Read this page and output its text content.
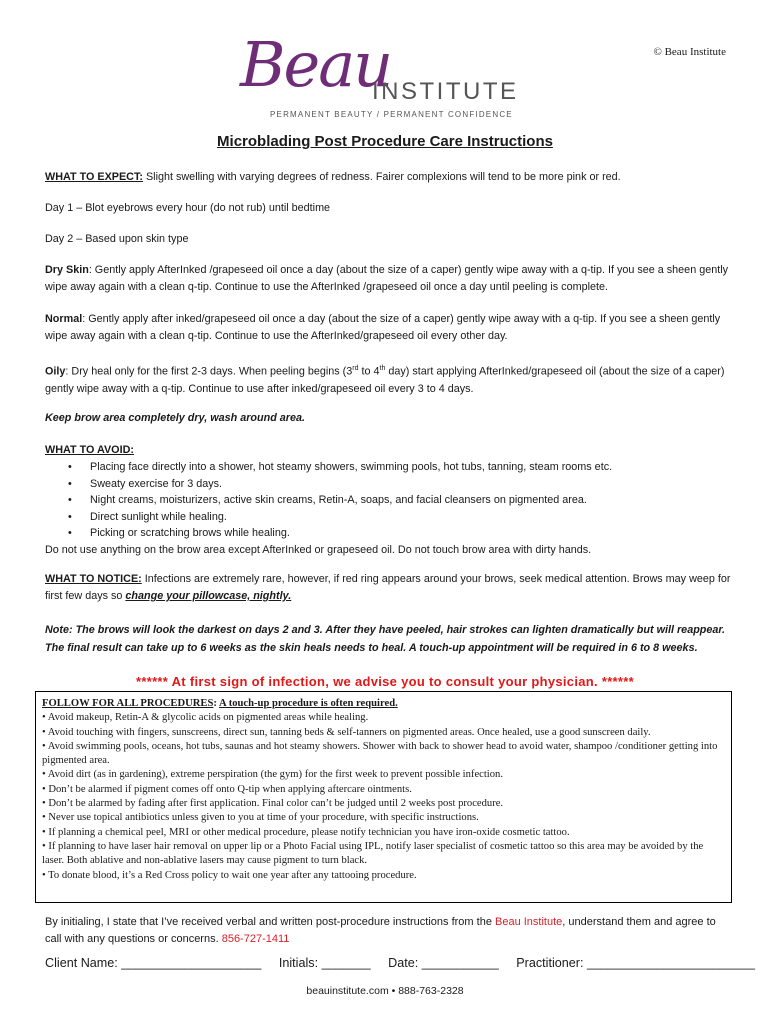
© Beau Institute
Beau
INSTITUTE
PERMANENT BEAUTY / PERMANENT CONFIDENCE
Microblading Post Procedure Care Instructions

WHAT TO EXPECT: Slight swelling with varying degrees of redness. Fairer complexions will tend to be more pink or red.

Day 1 – Blot eyebrows every hour (do not rub) until bedtime
Day 2 – Based upon skin type

Dry Skin: Gently apply AfterInked /grapeseed oil once a day (about the size of a caper) gently wipe away with a q-tip. If you see a sheen gently wipe away again with a clean q-tip. Continue to use the AfterInked /grapeseed oil once a day until peeling is complete.

Normal: Gently apply after inked/grapeseed oil once a day (about the size of a caper) gently wipe away with a q-tip. If you see a sheen gently wipe away again with a clean q-tip. Continue to use the AfterInked/grapeseed oil every other day.

Oily: Dry heal only for the first 2-3 days. When peeling begins (3rd to 4th day) start applying AfterInked/grapeseed oil (about the size of a caper) gently wipe away with a q-tip. Continue to use after inked/grapeseed oil every 3 to 4 days.

Keep brow area completely dry, wash around area.

WHAT TO AVOID:

• Placing face directly into a shower, hot steamy showers, swimming pools, hot tubs, tanning, steam rooms etc.
• Sweaty exercise for 3 days.
• Night creams, moisturizers, active skin creams, Retin-A, soaps, and facial cleansers on pigmented area.
• Direct sunlight while healing.
• Picking or scratching brows while healing.

Do not use anything on the brow area except AfterInked or grapeseed oil. Do not touch brow area with dirty hands.

WHAT TO NOTICE: Infections are extremely rare, however, if red ring appears around your brows, seek medical attention. Brows may weep for first few days so change your pillowcase, nightly.

Note: The brows will look the darkest on days 2 and 3. After they have peeled, hair strokes can lighten dramatically but will reappear. The final result can take up to 6 weeks as the skin heals needs to heal. A touch-up appointment will be required in 6 to 8 weeks.
****** At first sign of infection, we advise you to consult your physician. ******

FOLLOW FOR ALL PROCEDURES: A touch-up procedure is often required.

• Avoid makeup, Retin-A & glycolic acids on pigmented areas while healing.

• Avoid touching with fingers, sunscreens, direct sun, tanning beds & self-tanners on pigmented areas. Once healed, use a good sunscreen daily.

• Avoid swimming pools, oceans, hot tubs, saunas and hot steamy showers. Shower with back to shower head to avoid water, shampoo /conditioner getting into pigmented area.

• Avoid dirt (as in gardening), extreme perspiration (the gym) for the first week to prevent possible infection.

• Don’t be alarmed if pigment comes off onto Q-tip when applying aftercare ointments.

• Don’t be alarmed by fading after first application. Final color can’t be judged until 2 weeks post procedure.

• Never use topical antibiotics unless given to you at time of your procedure, with specific instructions.

• If planning a chemical peel, MRI or other medical procedure, please notify technician you have iron-oxide cosmetic tattoo.

• If planning to have laser hair removal on upper lip or a Photo Facial using IPL, notify laser specialist of cosmetic tattoo so this area may be avoided by the laser. Both ablative and non-ablative lasers may cause pigment to turn black.

• To donate blood, it’s a Red Cross policy to wait one year after any tattooing procedure.

By initialing, I state that I’ve received verbal and written post-procedure instructions from the Beau Institute, understand them and agree to call with any questions or concerns. 856-727-1411
Client Name: ____________________ Initials: _______ Date: ___________ Practitioner: ________________________
beauinstitute.com • 888-763-2328
